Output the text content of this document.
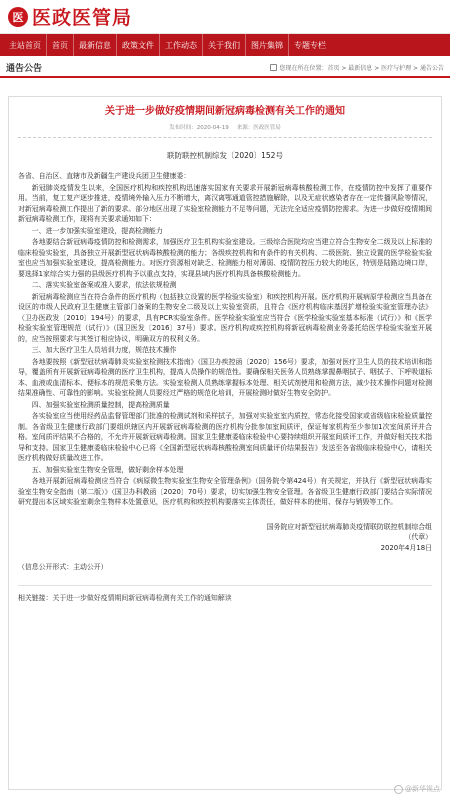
医 医政医管局
主站首页	首页	最新信息	政策文件	工作动态	关于我们	图片集锦	专题专栏
通告公告	您现在所在位置：首页 > 最新信息 > 医疗与护理 > 通告公告
关于进一步做好疫情期间新冠病毒检测有关工作的通知
发布时间：2020-04-19 来源：医政医管局
联防联控机制综发〔2020〕152号
各省、自治区、直辖市及新疆生产建设兵团卫生健康委：
新冠肺炎疫情发生以来，全国医疗机构和疾控机构迅速落实国家有关要求开展新冠病毒核酸检测工作，在疫情防控中发挥了重要作用。当前，复工复产逐步推进，疫情境外输入压力不断增大，离汉离鄂通道管控措施解除，以及无症状感染者存在一定传播风险等情况，对新冠病毒检测工作提出了新的要求。部分地区出现了实验室检测能力不足等问题，无法完全适应疫情防控需求。为进一步做好疫情期间新冠病毒检测工作，现将有关要求通知如下：
一、进一步加强实验室建设，提高检测能力
各地要结合新冠病毒疫情防控和检测需求，加强医疗卫生机构实验室建设。三级综合医院均应当建立符合生物安全二级及以上标准的临床检验实验室，具备独立开展新型冠状病毒核酸检测的能力；各级疾控机构和有条件的有关机构、二级医院、独立设置的医学检验实验室也应当加强实验室建设，提高检测能力。对医疗资源相对缺乏、检测能力相对薄弱、疫情防控压力较大的地区，特别是陆路边境口岸，要选择1家综合实力强的县级医疗机构予以重点支持，实现县域内医疗机构具备核酸检测能力。
二、落实实验室备案或准入要求，依法依规检测
新冠病毒检测应当在符合条件的医疗机构（包括独立设置的医学检验实验室）和疾控机构开展。医疗机构开展病原学检测应当具备在设区的市级人民政府卫生健康主管部门备案的生物安全二级及以上实验室资质，且符合《医疗机构临床基因扩增检验实验室管理办法》（卫办医政发〔2010〕194号）的要求，具有PCR实验室条件。医学检验实验室应当符合《医学检验实验室基本标准（试行）》和《医学检验实验室管理规范（试行）》（国卫医发〔2016〕37号）要求。医疗机构或疾控机构将新冠病毒检测业务委托给医学检验实验室开展的，应当按照要求与其签订相应协议，明确双方的权利义务。
三、加大医疗卫生人员培训力度，规范技术操作
各地要按照《新型冠状病毒肺炎实验室检测技术指南》（国卫办疾控函〔2020〕156号）要求，加强对医疗卫生人员的技术培训和指导，覆盖所有开展新冠病毒检测的医疗卫生机构，提高人员操作的规范性。要确保相关医务人员熟练掌握鼻咽拭子、咽拭子、下呼吸道标本、血液或血清标本、便标本的规范采集方法。实验室检测人员熟练掌握标本处理、相关试剂使用和检测方法，减少技术操作问题对检测结果准确性、可靠性的影响。实验室检测人员要经过严格的规范化培训，开展检测时做好生物安全防护。
四、加强实验室检测质量控制，提高检测质量
各实验室应当使用经药品监督管理部门批准的检测试剂和采样拭子，加强对实验室室内质控，常态化接受国家或省级临床检验质量控制。各省级卫生健康行政部门要组织辖区内开展新冠病毒检测的医疗机构分批参加室间质评，保证每家机构至少参加1次室间质评并合格。室间质评结果不合格的，不允许开展新冠病毒检测。国家卫生健康委临床检验中心要持续组织开展室间质评工作，并做好相关技术指导和支持。国家卫生健康委临床检验中心已将《全国新型冠状病毒核酸检测室间质量评价结果报告》发送至各省级临床检验中心，请相关医疗机构做好质量改进工作。
五、加强实验室生物安全管理，做好剩余样本处理
各地开展新冠病毒检测应当符合《病原微生物实验室生物安全管理条例》（国务院令第424号）有关规定，并执行《新型冠状病毒实验室生物安全指南（第二版）》（国卫办科教函〔2020〕70号）要求，切实加强生物安全管理。各省级卫生健康行政部门要结合实际情况研究提出本区域实验室剩余生物样本处置意见，医疗机构和疾控机构要落实主体责任，做好样本的使用、保存与销毁等工作。
国务院应对新型冠状病毒肺炎疫情联防联控机制综合组
（代章）
2020年4月18日
（信息公开形式：主动公开）
相关链接：关于进一步做好疫情期间新冠病毒检测有关工作的通知解读
@新华视点
